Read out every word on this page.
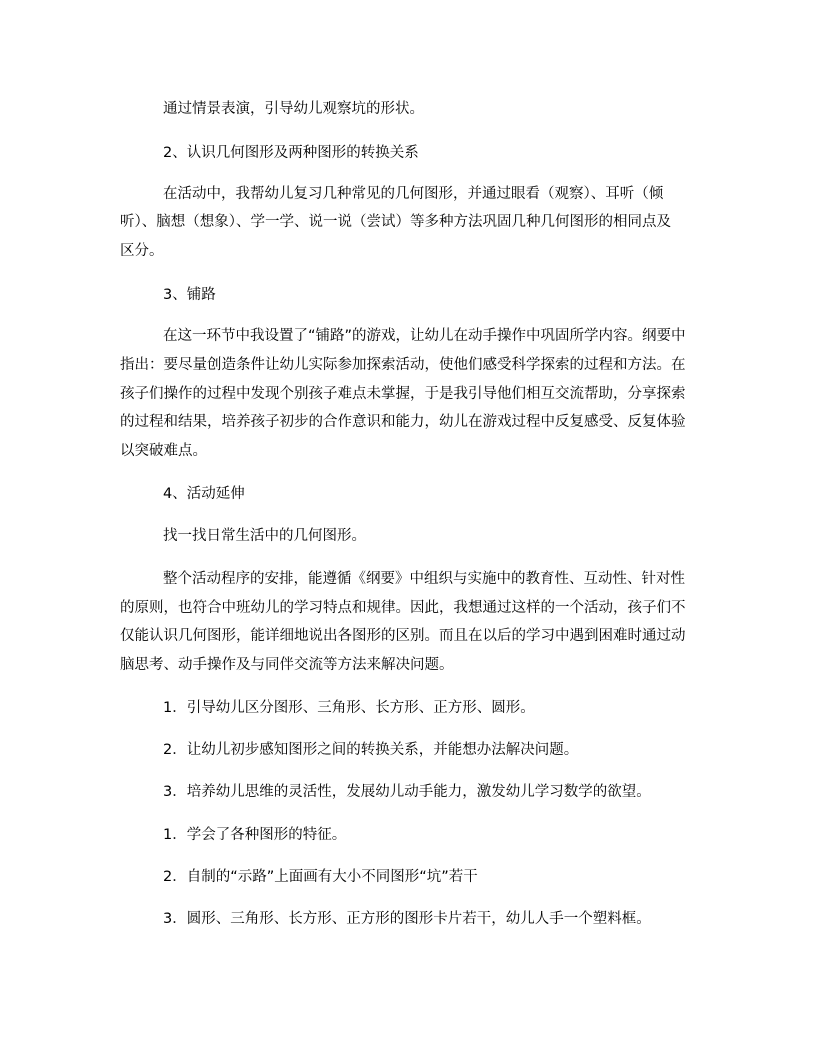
通过情景表演，引导幼儿观察坑的形状。
2、认识几何图形及两种图形的转换关系
在活动中，我帮幼儿复习几种常见的几何图形，并通过眼看（观察）、耳听（倾
听）、脑想（想象）、学一学、说一说（尝试）等多种方法巩固几种几何图形的相同点及
区分。
3、铺路
在这一环节中我设置了“铺路”的游戏，让幼儿在动手操作中巩固所学内容。纲要中
指出：要尽量创造条件让幼儿实际参加探索活动，使他们感受科学探索的过程和方法。在
孩子们操作的过程中发现个别孩子难点未掌握，于是我引导他们相互交流帮助，分享探索
的过程和结果，培养孩子初步的合作意识和能力，幼儿在游戏过程中反复感受、反复体验
以突破难点。
4、活动延伸
找一找日常生活中的几何图形。
整个活动程序的安排，能遵循《纲要》中组织与实施中的教育性、互动性、针对性
的原则，也符合中班幼儿的学习特点和规律。因此，我想通过这样的一个活动，孩子们不
仅能认识几何图形，能详细地说出各图形的区别。而且在以后的学习中遇到困难时通过动
脑思考、动手操作及与同伴交流等方法来解决问题。
1．引导幼儿区分图形、三角形、长方形、正方形、圆形。
2．让幼儿初步感知图形之间的转换关系，并能想办法解决问题。
3．培养幼儿思维的灵活性，发展幼儿动手能力，激发幼儿学习数学的欲望。
1．学会了各种图形的特征。
2．自制的“示路”上面画有大小不同图形“坑”若干
3．圆形、三角形、长方形、正方形的图形卡片若干，幼儿人手一个塑料框。
